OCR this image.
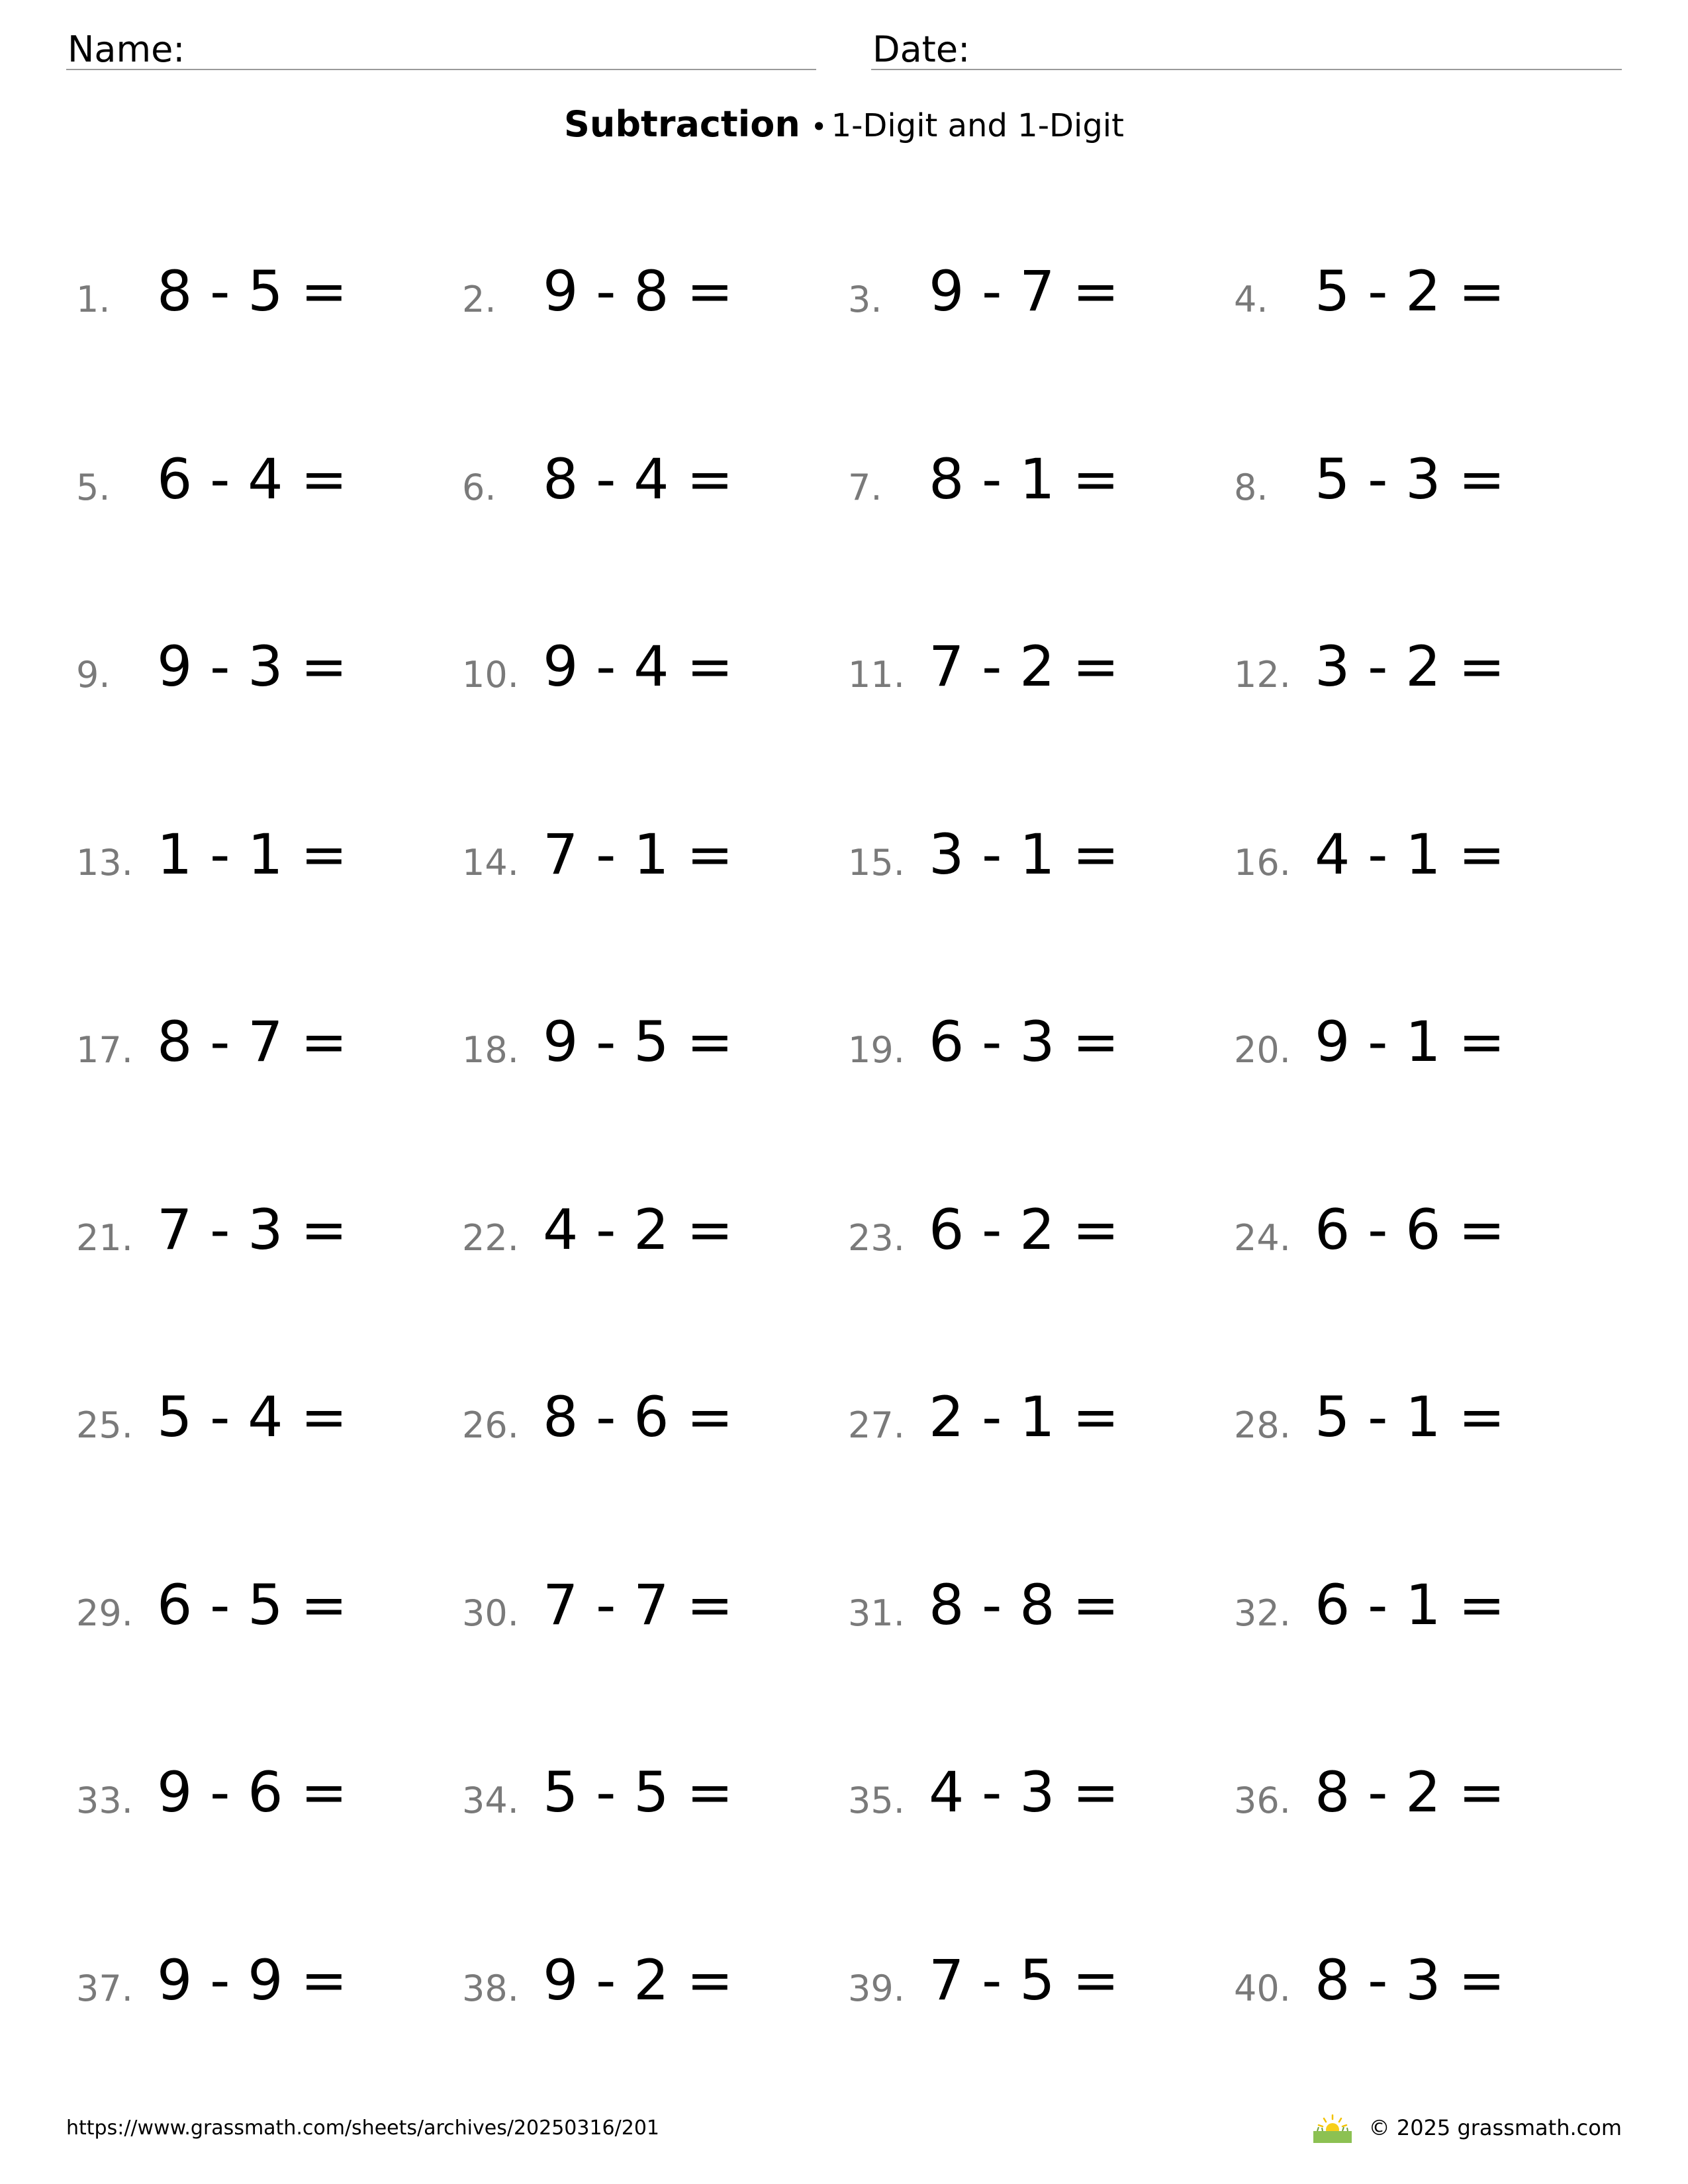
Name:	Date:
Subtraction • 1-Digit and 1-Digit
1. 8 - 5 =	2. 9 - 8 =	3. 9 - 7 =	4. 5 - 2 =
5. 6 - 4 =	6. 8 - 4 =	7. 8 - 1 =	8. 5 - 3 =
9. 9 - 3 =	10. 9 - 4 =	11. 7 - 2 =	12. 3 - 2 =
13. 1 - 1 =	14. 7 - 1 =	15. 3 - 1 =	16. 4 - 1 =
17. 8 - 7 =	18. 9 - 5 =	19. 6 - 3 =	20. 9 - 1 =
21. 7 - 3 =	22. 4 - 2 =	23. 6 - 2 =	24. 6 - 6 =
25. 5 - 4 =	26. 8 - 6 =	27. 2 - 1 =	28. 5 - 1 =
29. 6 - 5 =	30. 7 - 7 =	31. 8 - 8 =	32. 6 - 1 =
33. 9 - 6 =	34. 5 - 5 =	35. 4 - 3 =	36. 8 - 2 =
37. 9 - 9 =	38. 9 - 2 =	39. 7 - 5 =	40. 8 - 3 =
https://www.grassmath.com/sheets/archives/20250316/201	© 2025 grassmath.com
